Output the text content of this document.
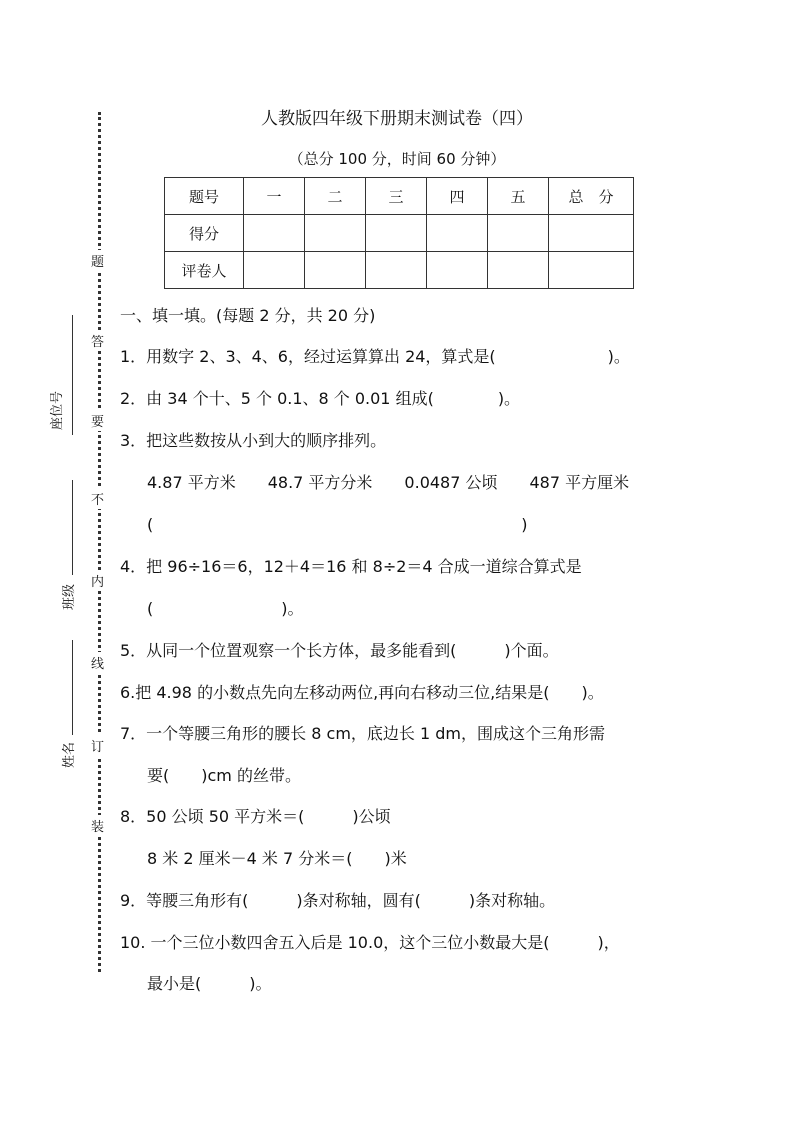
题
答
要
不
内
线
订
装
座位号
班级
姓名
人教版四年级下册期末测试卷（四）
（总分 100 分，时间 60 分钟）
题号	一	二	三	四	五	总　分
得分						
评卷人						
一、填一填。(每题 2 分，共 20 分)
1．用数字 2、3、4、6，经过运算算出 24，算式是(　　　　　　　)。
2．由 34 个十、5 个 0.1、8 个 0.01 组成(　　　　)。
3．把这些数按从小到大的顺序排列。
4.87 平方米　　48.7 平方分米　　0.0487 公顷　　487 平方厘米
(　　　　　　　　　　　　　　　　　　　　　　　)
4．把 96÷16＝6，12＋4＝16 和 8÷2＝4 合成一道综合算式是
(　　　　　　　　)。
5．从同一个位置观察一个长方体，最多能看到(　　　)个面。
6.把 4.98 的小数点先向左移动两位,再向右移动三位,结果是(　　)。
7．一个等腰三角形的腰长 8 cm，底边长 1 dm，围成这个三角形需
要(　　)cm 的丝带。
8．50 公顷 50 平方米＝(　　　)公顷
8 米 2 厘米－4 米 7 分米＝(　　)米
9．等腰三角形有(　　　)条对称轴，圆有(　　　)条对称轴。
10. 一个三位小数四舍五入后是 10.0，这个三位小数最大是(　　　)，
最小是(　　　)。
